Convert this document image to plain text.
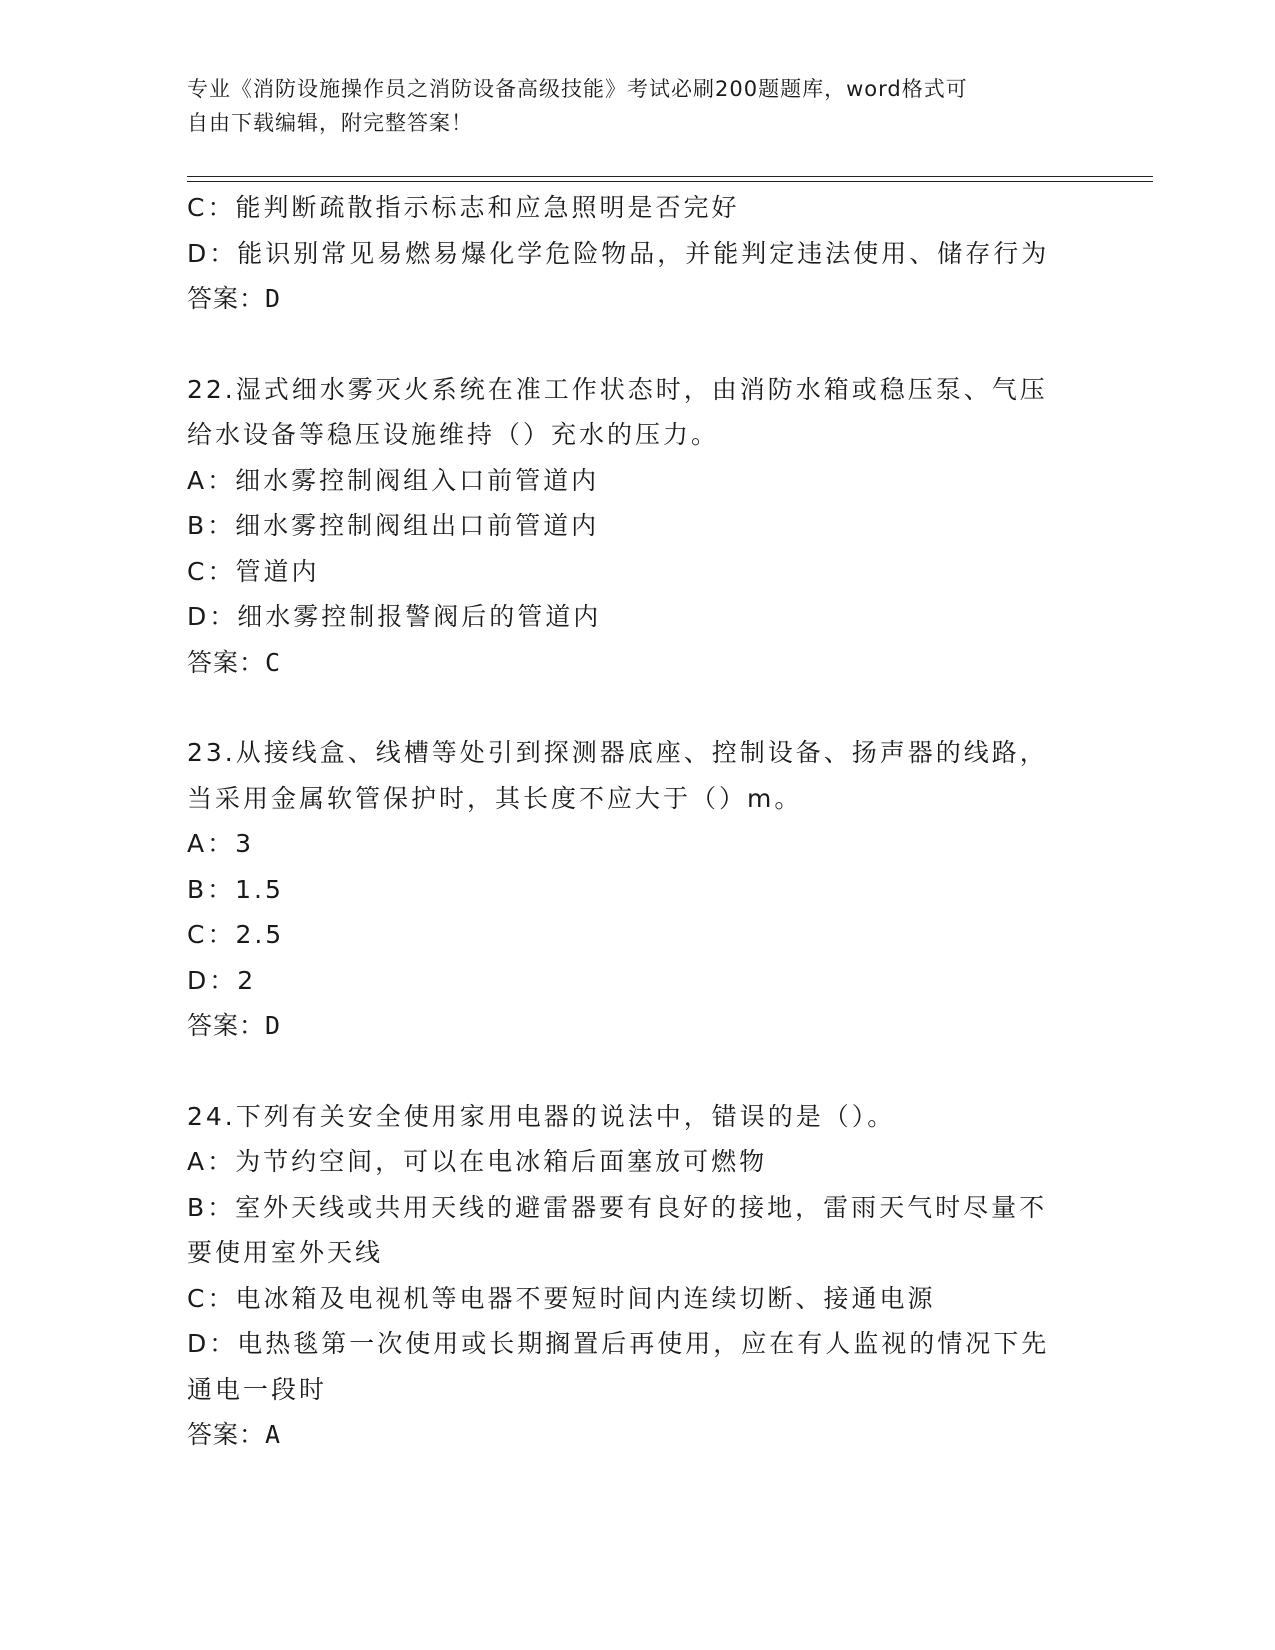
专业《消防设施操作员之消防设备高级技能》考试必刷200题题库，word格式可
自由下载编辑，附完整答案！
C：能判断疏散指示标志和应急照明是否完好
D：能识别常见易燃易爆化学危险物品，并能判定违法使用、储存行为
答案：D
22.湿式细水雾灭火系统在准工作状态时，由消防水箱或稳压泵、气压
给水设备等稳压设施维持（）充水的压力。
A：细水雾控制阀组入口前管道内
B：细水雾控制阀组出口前管道内
C：管道内
D：细水雾控制报警阀后的管道内
答案：C
23.从接线盒、线槽等处引到探测器底座、控制设备、扬声器的线路，
当采用金属软管保护时，其长度不应大于（）m。
A：3
B：1.5
C：2.5
D：2
答案：D
24.下列有关安全使用家用电器的说法中，错误的是（）。
A：为节约空间，可以在电冰箱后面塞放可燃物
B：室外天线或共用天线的避雷器要有良好的接地，雷雨天气时尽量不
要使用室外天线
C：电冰箱及电视机等电器不要短时间内连续切断、接通电源
D：电热毯第一次使用或长期搁置后再使用，应在有人监视的情况下先
通电一段时
答案：A
